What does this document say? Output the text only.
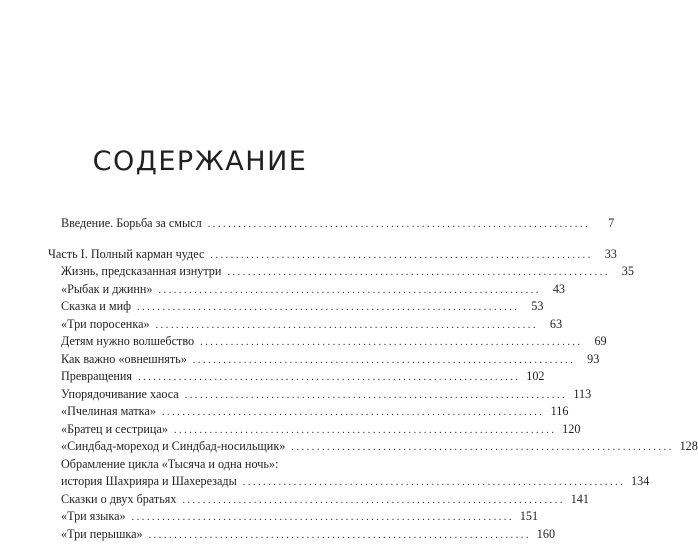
СОДЕРЖАНИЕ
Введение. Борьба за смысл ...........................................................................	7
Часть I. Полный карман чудес ........................................................................... 33
Жизнь, предсказанная изнутри ........................................................................... 35
«Рыбак и джинн» ........................................................................... 43
Сказка и миф ........................................................................... 53
«Три поросенка» ........................................................................... 63
Детям нужно волшебство ........................................................................... 69
Как важно «овнешнять» ........................................................................... 93
Превращения ........................................................................... 102
Упорядочивание хаоса ........................................................................... 113
«Пчелиная матка» ........................................................................... 116
«Братец и сестрица» ........................................................................... 120
«Синдбад-мореход и Синдбад-носильщик» ........................................................................... 128
Обрамление цикла «Тысяча и одна ночь»:
история Шахрияра и Шахерезады ........................................................................... 134
Сказки о двух братьях ........................................................................... 141
«Три языка» ........................................................................... 151
«Три перышка» ........................................................................... 160
